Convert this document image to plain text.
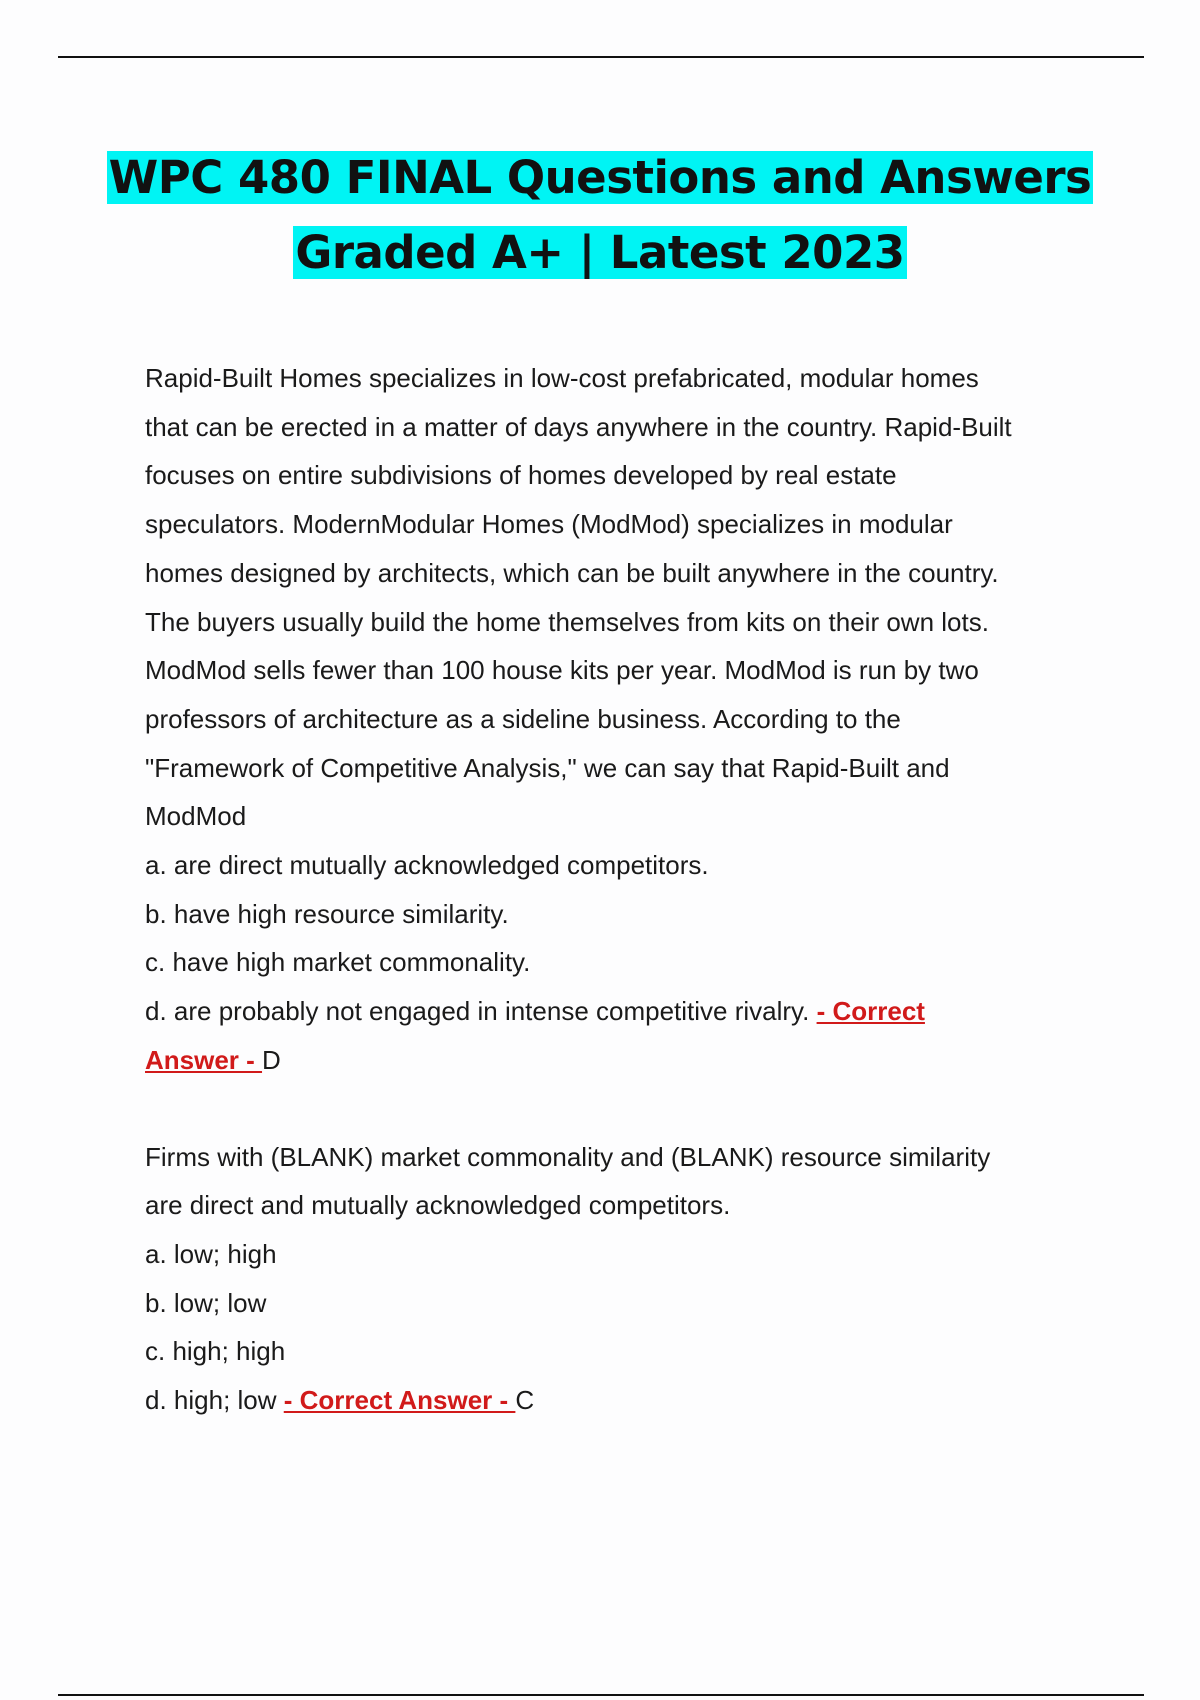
WPC 480 FINAL Questions and Answers
Graded A+ | Latest 2023

Rapid-Built Homes specializes in low-cost prefabricated, modular homes

that can be erected in a matter of days anywhere in the country. Rapid-Built

focuses on entire subdivisions of homes developed by real estate

speculators. ModernModular Homes (ModMod) specializes in modular

homes designed by architects, which can be built anywhere in the country.

The buyers usually build the home themselves from kits on their own lots.

ModMod sells fewer than 100 house kits per year. ModMod is run by two

professors of architecture as a sideline business. According to the

"Framework of Competitive Analysis," we can say that Rapid-Built and

ModMod

a. are direct mutually acknowledged competitors.

b. have high resource similarity.

c. have high market commonality.

d. are probably not engaged in intense competitive rivalry. - Correct

Answer - D

Firms with (BLANK) market commonality and (BLANK) resource similarity

are direct and mutually acknowledged competitors.

a. low; high

b. low; low

c. high; high

d. high; low - Correct Answer - C
